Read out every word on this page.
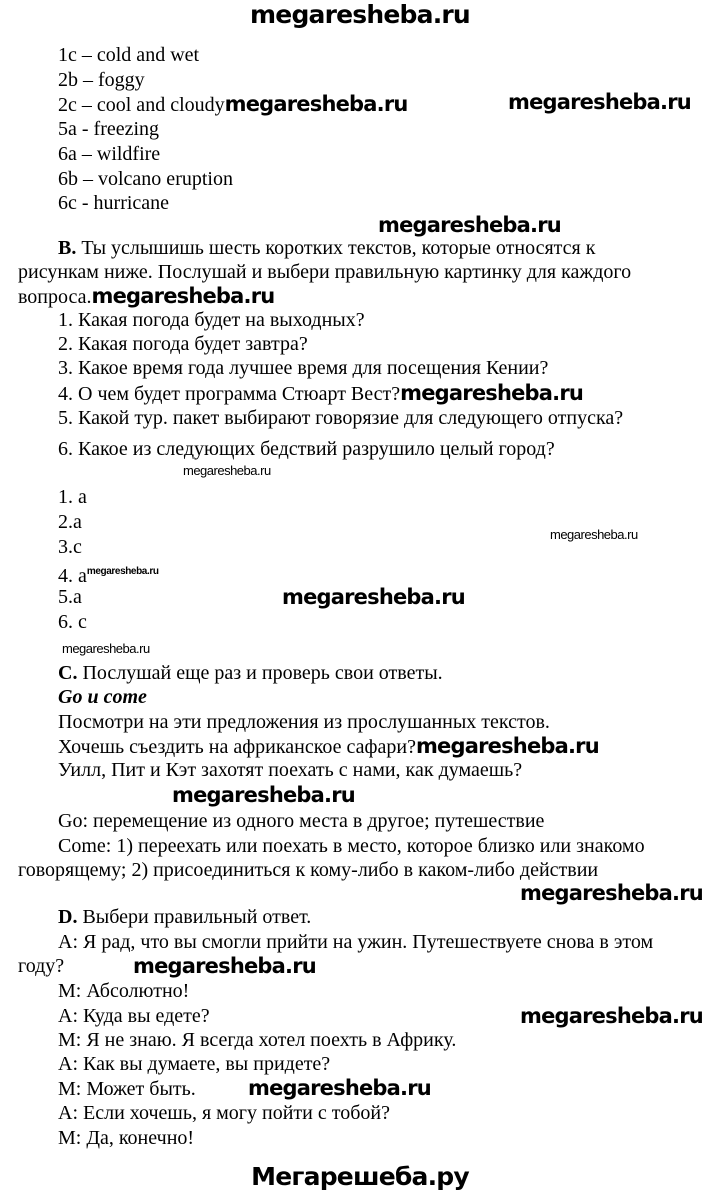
megaresheba.ru
1c – cold and wet
2b – foggy
2c – cool and cloudymegaresheba.ru	megaresheba.ru
5a - freezing
6a – wildfire
6b – volcano eruption
6c - hurricane
megaresheba.ru
B. Ты услышишь шесть коротких текстов, которые относятся к
рисункам ниже. Послушай и выбери правильную картинку для каждого
вопроса.megaresheba.ru
1. Какая погода будет на выходных?
2. Какая погода будет завтра?
3. Какое время года лучшее время для посещения Кении?
4. О чем будет программа Стюарт Вест?megaresheba.ru
5. Какой тур. пакет выбирают говорязие для следующего отпуска?
6. Какое из следующих бедствий разрушило целый город?
megaresheba.ru
1. a
2.a
megaresheba.ru
3.c
4. $a^{megaresheba.ru}$
5.a	megaresheba.ru
6. c
megaresheba.ru
C. Послушай еще раз и проверь свои ответы.
Go и come
Посмотри на эти предложения из прослушанных текстов.
Хочешь съездить на африканское сафари?megaresheba.ru
Уилл, Пит и Кэт захотят поехать с нами, как думаешь?
megaresheba.ru
Go: перемещение из одного места в другое; путешествие
Come: 1) переехать или поехать в место, которое близко или знакомо
говорящему; 2) присоединиться к кому-либо в каком-либо действии
megaresheba.ru
D. Выбери правильный ответ.
А: Я рад, что вы смогли прийти на ужин. Путешествуете снова в этом
году?	megaresheba.ru
М: Абсолютно!
А: Куда вы едете?	megaresheba.ru
М: Я не знаю. Я всегда хотел поехть в Африку.
А: Как вы думаете, вы придете?
М: Может быть. megaresheba.ru
А: Если хочешь, я могу пойти с тобой?
М: Да, конечно!
Мегарешеба.ру
